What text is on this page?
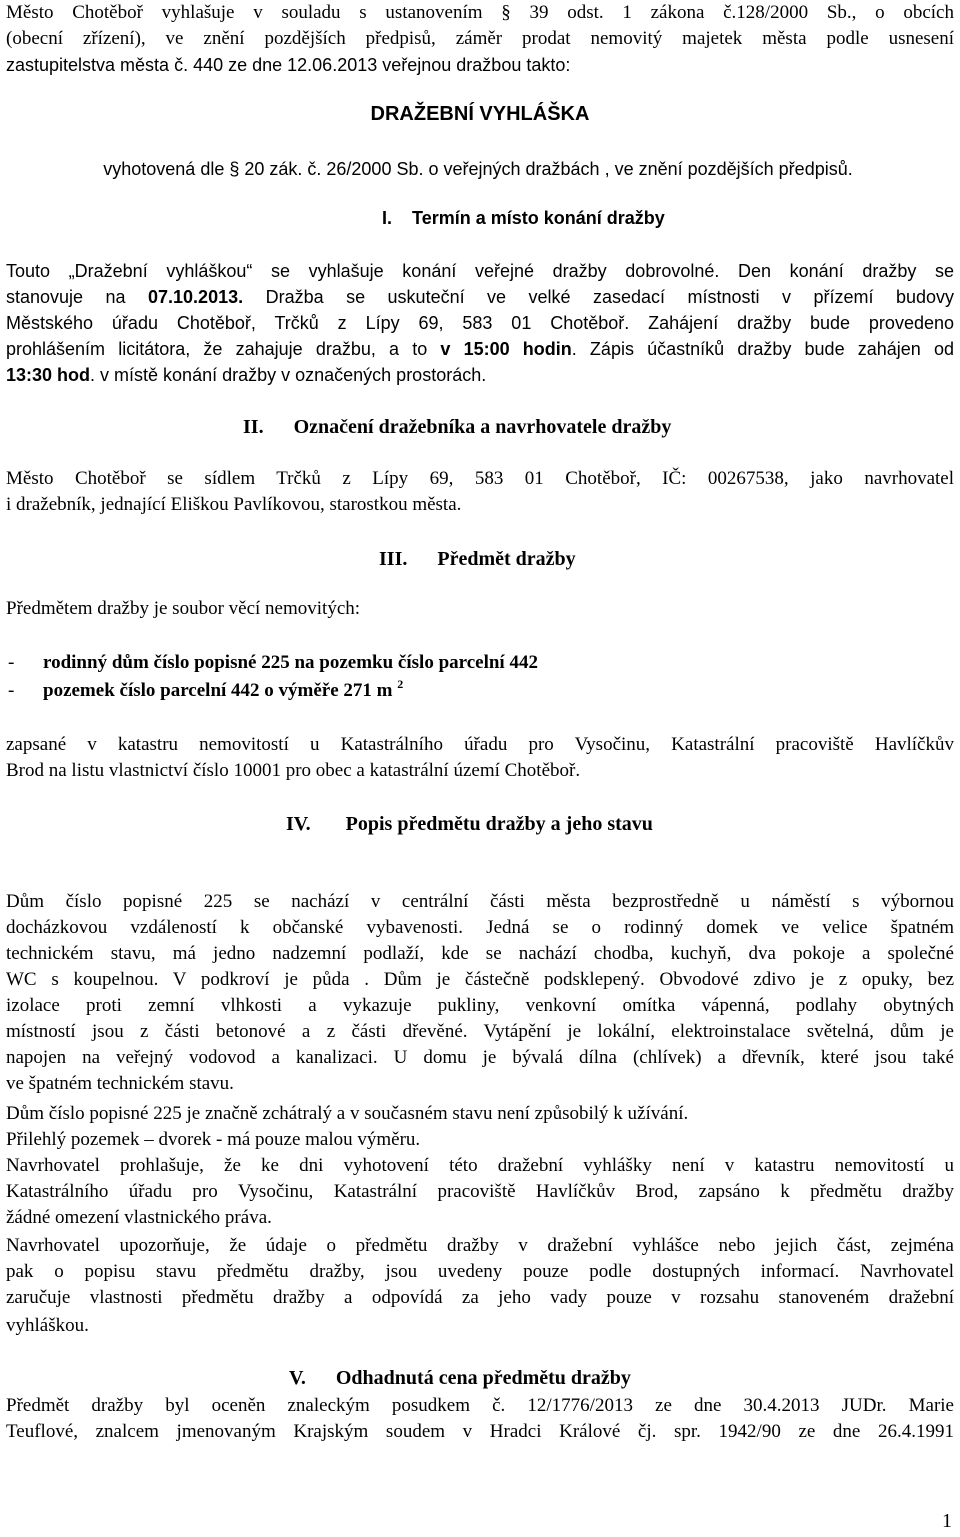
Město Chotěboř vyhlašuje v souladu s ustanovením § 39 odst. 1 zákona č.128/2000 Sb., o obcích
(obecní zřízení), ve znění pozdějších předpisů, záměr prodat nemovitý majetek města podle usnesení
zastupitelstva města č. 440 ze dne 12.06.2013 veřejnou dražbou takto:
DRAŽEBNÍ VYHLÁŠKA
vyhotovená dle § 20 zák. č. 26/2000 Sb. o veřejných dražbách , ve znění pozdějších předpisů.
I. Termín a místo konání dražby
Touto „Dražební vyhláškou“ se vyhlašuje konání veřejné dražby dobrovolné. Den konání dražby se
stanovuje na 07.10.2013. Dražba se uskuteční ve velké zasedací místnosti v přízemí budovy
Městského úřadu Chotěboř, Trčků z Lípy 69, 583 01 Chotěboř. Zahájení dražby bude provedeno
prohlášením licitátora, že zahajuje dražbu, a to v 15:00 hodin. Zápis účastníků dražby bude zahájen od
13:30 hod. v místě konání dražby v označených prostorách.
II. Označení dražebníka a navrhovatele dražby
Město Chotěboř se sídlem Trčků z Lípy 69, 583 01 Chotěboř, IČ: 00267538, jako navrhovatel
i dražebník, jednající Eliškou Pavlíkovou, starostkou města.
III. Předmět dražby
Předmětem dražby je soubor věcí nemovitých:
- rodinný dům číslo popisné 225 na pozemku číslo parcelní 442
- pozemek číslo parcelní 442 o výměře 271 m $^2$
zapsané v katastru nemovitostí u Katastrálního úřadu pro Vysočinu, Katastrální pracoviště Havlíčkův
Brod na listu vlastnictví číslo 10001 pro obec a katastrální území Chotěboř.
IV. Popis předmětu dražby a jeho stavu
Dům číslo popisné 225 se nachází v centrální části města bezprostředně u náměstí s výbornou
docházkovou vzdáleností k občanské vybavenosti. Jedná se o rodinný domek ve velice špatném
technickém stavu, má jedno nadzemní podlaží, kde se nachází chodba, kuchyň, dva pokoje a společné
WC s koupelnou. V podkroví je půda . Dům je částečně podsklepený. Obvodové zdivo je z opuky, bez
izolace proti zemní vlhkosti a vykazuje pukliny, venkovní omítka vápenná, podlahy obytných
místností jsou z části betonové a z části dřevěné. Vytápění je lokální, elektroinstalace světelná, dům je
napojen na veřejný vodovod a kanalizaci. U domu je bývalá dílna (chlívek) a dřevník, které jsou také
ve špatném technickém stavu.
Dům číslo popisné 225 je značně zchátralý a v současném stavu není způsobilý k užívání.
Přilehlý pozemek – dvorek - má pouze malou výměru.
Navrhovatel prohlašuje, že ke dni vyhotovení této dražební vyhlášky není v katastru nemovitostí u
Katastrálního úřadu pro Vysočinu, Katastrální pracoviště Havlíčkův Brod, zapsáno k předmětu dražby
žádné omezení vlastnického práva.
Navrhovatel upozorňuje, že údaje o předmětu dražby v dražební vyhlášce nebo jejich část, zejména
pak o popisu stavu předmětu dražby, jsou uvedeny pouze podle dostupných informací. Navrhovatel
zaručuje vlastnosti předmětu dražby a odpovídá za jeho vady pouze v rozsahu stanoveném dražební
vyhláškou.
V. Odhadnutá cena předmětu dražby
Předmět dražby byl oceněn znaleckým posudkem č. 12/1776/2013 ze dne 30.4.2013 JUDr. Marie
Teuflové, znalcem jmenovaným Krajským soudem v Hradci Králové čj. spr. 1942/90 ze dne 26.4.1991
1
